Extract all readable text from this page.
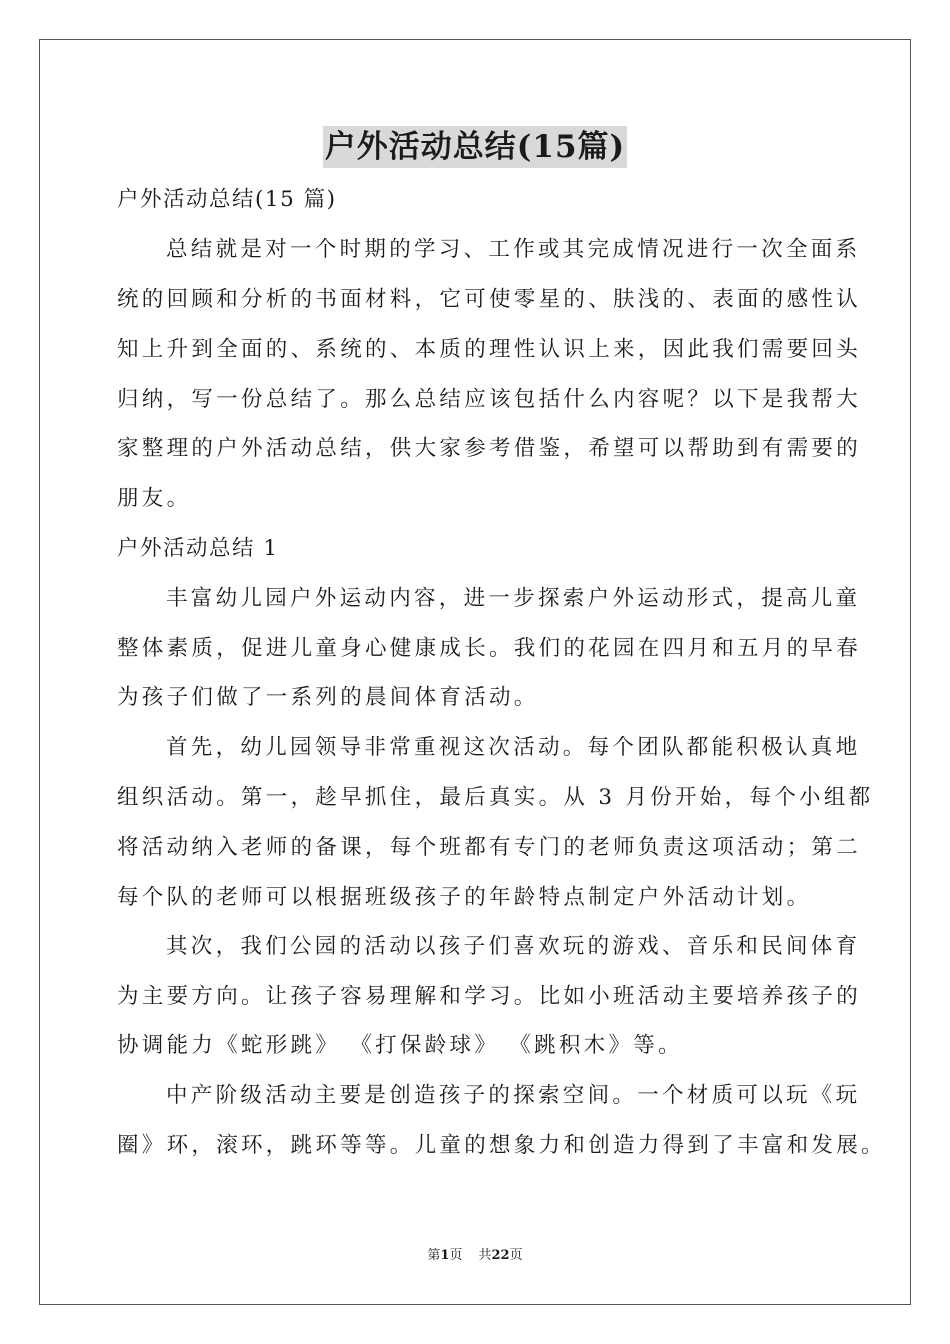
户外活动总结(15篇)
户外活动总结(15 篇)
总结就是对一个时期的学习、工作或其完成情况进行一次全面系
统的回顾和分析的书面材料，它可使零星的、肤浅的、表面的感性认
知上升到全面的、系统的、本质的理性认识上来，因此我们需要回头
归纳，写一份总结了。那么总结应该包括什么内容呢？以下是我帮大
家整理的户外活动总结，供大家参考借鉴，希望可以帮助到有需要的
朋友。
户外活动总结 1
丰富幼儿园户外运动内容，进一步探索户外运动形式，提高儿童
整体素质，促进儿童身心健康成长。我们的花园在四月和五月的早春
为孩子们做了一系列的晨间体育活动。
首先，幼儿园领导非常重视这次活动。每个团队都能积极认真地
组织活动。第一，趁早抓住，最后真实。从 3 月份开始，每个小组都
将活动纳入老师的备课，每个班都有专门的老师负责这项活动；第二
每个队的老师可以根据班级孩子的年龄特点制定户外活动计划。
其次，我们公园的活动以孩子们喜欢玩的游戏、音乐和民间体育
为主要方向。让孩子容易理解和学习。比如小班活动主要培养孩子的
协调能力《蛇形跳》 《打保龄球》 《跳积木》等。
中产阶级活动主要是创造孩子的探索空间。一个材质可以玩《玩
圈》环，滚环，跳环等等。儿童的想象力和创造力得到了丰富和发展。
第1页 共22页
